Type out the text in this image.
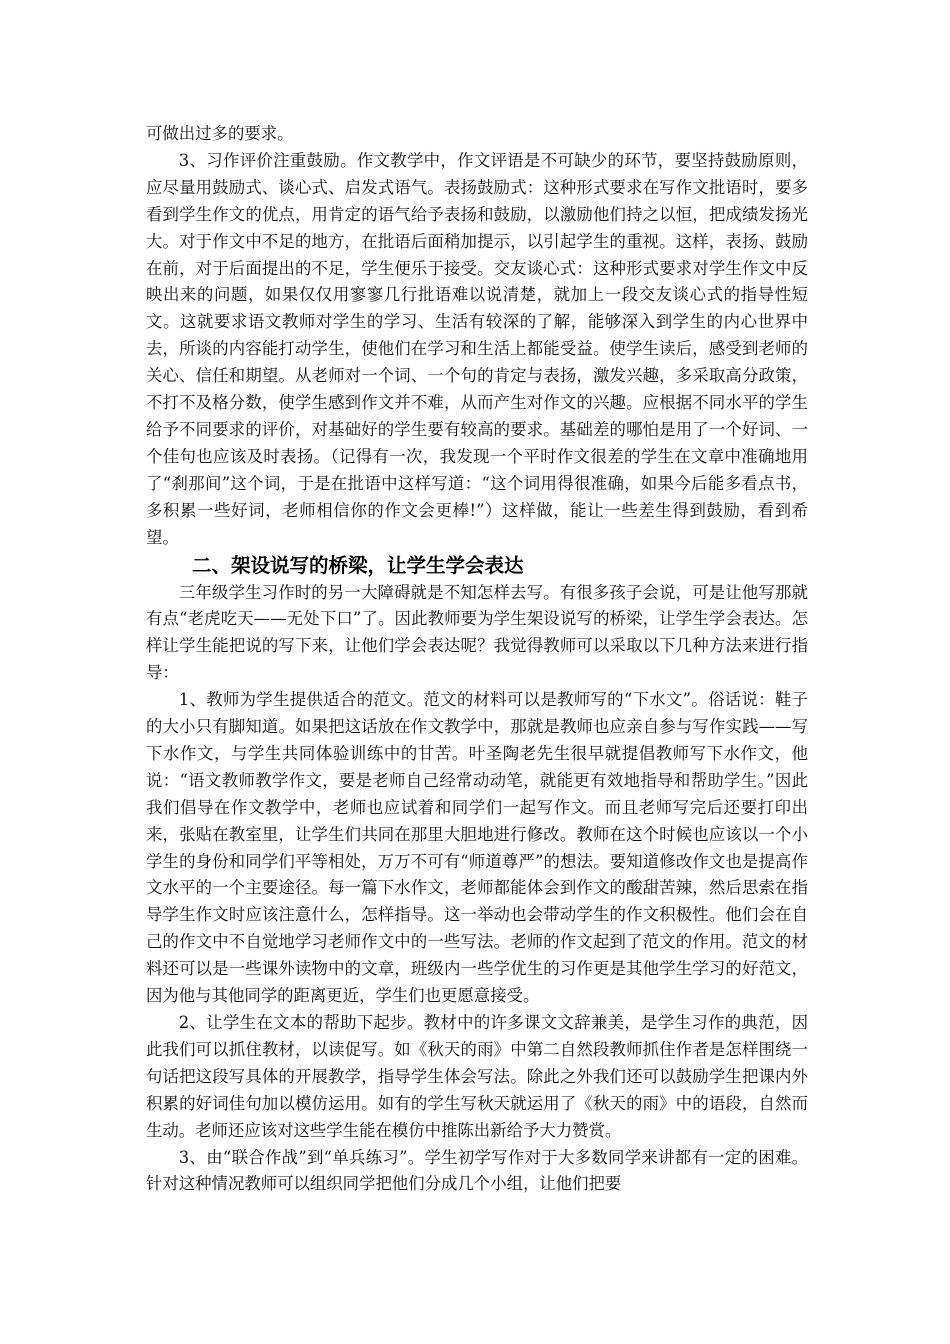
可做出过多的要求。

3、习作评价注重鼓励。作文教学中，作文评语是不可缺少的环节，要坚持鼓励原则，应尽量用鼓励式、谈心式、启发式语气。表扬鼓励式：这种形式要求在写作文批语时，要多看到学生作文的优点，用肯定的语气给予表扬和鼓励，以激励他们持之以恒，把成绩发扬光大。对于作文中不足的地方，在批语后面稍加提示，以引起学生的重视。这样，表扬、鼓励在前，对于后面提出的不足，学生便乐于接受。交友谈心式：这种形式要求对学生作文中反映出来的问题，如果仅仅用寥寥几行批语难以说清楚，就加上一段交友谈心式的指导性短文。这就要求语文教师对学生的学习、生活有较深的了解，能够深入到学生的内心世界中去，所谈的内容能打动学生，使他们在学习和生活上都能受益。使学生读后，感受到老师的关心、信任和期望。从老师对一个词、一个句的肯定与表扬，激发兴趣，多采取高分政策，不打不及格分数，使学生感到作文并不难，从而产生对作文的兴趣。应根据不同水平的学生给予不同要求的评价，对基础好的学生要有较高的要求。基础差的哪怕是用了一个好词、一个佳句也应该及时表扬。（记得有一次，我发现一个平时作文很差的学生在文章中准确地用了“刹那间”这个词，于是在批语中这样写道：“这个词用得很准确，如果今后能多看点书，多积累一些好词，老师相信你的作文会更棒!”）这样做，能让一些差生得到鼓励，看到希望。

二、架设说写的桥梁，让学生学会表达

三年级学生习作时的另一大障碍就是不知怎样去写。有很多孩子会说，可是让他写那就有点“老虎吃天——无处下口”了。因此教师要为学生架设说写的桥梁，让学生学会表达。怎样让学生能把说的写下来，让他们学会表达呢？我觉得教师可以采取以下几种方法来进行指导：

1、教师为学生提供适合的范文。范文的材料可以是教师写的“下水文”。俗话说：鞋子的大小只有脚知道。如果把这话放在作文教学中，那就是教师也应亲自参与写作实践——写下水作文，与学生共同体验训练中的甘苦。叶圣陶老先生很早就提倡教师写下水作文，他说：“语文教师教学作文，要是老师自己经常动动笔，就能更有效地指导和帮助学生。”因此我们倡导在作文教学中，老师也应试着和同学们一起写作文。而且老师写完后还要打印出来，张贴在教室里，让学生们共同在那里大胆地进行修改。教师在这个时候也应该以一个小学生的身份和同学们平等相处，万万不可有“师道尊严”的想法。要知道修改作文也是提高作文水平的一个主要途径。每一篇下水作文，老师都能体会到作文的酸甜苦辣，然后思索在指导学生作文时应该注意什么，怎样指导。这一举动也会带动学生的作文积极性。他们会在自己的作文中不自觉地学习老师作文中的一些写法。老师的作文起到了范文的作用。范文的材料还可以是一些课外读物中的文章，班级内一些学优生的习作更是其他学生学习的好范文，因为他与其他同学的距离更近，学生们也更愿意接受。

2、让学生在文本的帮助下起步。教材中的许多课文文辞兼美，是学生习作的典范，因此我们可以抓住教材，以读促写。如《秋天的雨》中第二自然段教师抓住作者是怎样围绕一句话把这段写具体的开展教学，指导学生体会写法。除此之外我们还可以鼓励学生把课内外积累的好词佳句加以模仿运用。如有的学生写秋天就运用了《秋天的雨》中的语段，自然而生动。老师还应该对这些学生能在模仿中推陈出新给予大力赞赏。

3、由“联合作战”到“单兵练习”。学生初学写作对于大多数同学来讲都有一定的困难。针对这种情况教师可以组织同学把他们分成几个小组，让他们把要
